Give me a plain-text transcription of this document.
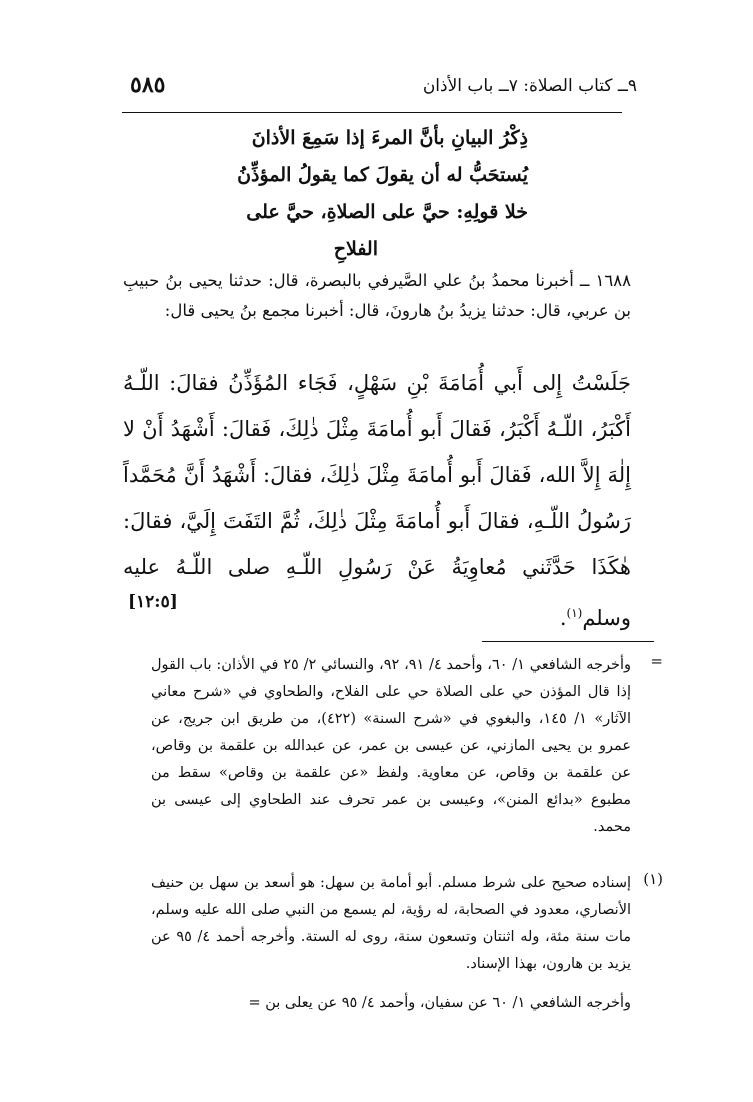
٥٨٥	٩ــ كتاب الصلاة: ٧ــ باب الأذان
ذِكْرُ البيانِ بأنَّ المرءَ إذا سَمِعَ الأذانَ
يُستحَبُّ له أن يقولَ كما يقولُ المؤذِّنُ
خلا قولِهِ: حيَّ على الصلاةِ، حيَّ على
الفلاحِ
١٦٨٨ ــ أخبرنا محمدُ بنُ علي الصَّيرفي بالبصرة، قال: حدثنا يحيى بنُ حبيبِ بن عربي، قال: حدثنا يزيدُ بنُ هارونَ، قال: أخبرنا مجمع بنُ يحيى قال:
جَلَسْتُ إِلى أَبي أُمَامَةَ بْنِ سَهْلٍ، فَجَاء المُؤَذِّنُ فقالَ: اللّـهُ أَكْبَرُ، اللّـهُ أَكْبَرُ، فَقالَ أَبو أُمامَةَ مِثْلَ ذٰلِكَ، فَقالَ: أَشْهَدُ أَنْ لا إِلٰهَ إِلاَّ الله، فَقالَ أَبو أُمامَةَ مِثْلَ ذٰلِكَ، فقالَ: أَشْهَدُ أَنَّ مُحَمَّداً رَسُولُ اللّـهِ، فقالَ أَبو أُمامَةَ مِثْلَ ذٰلِكَ، ثُمَّ التَفَتَ إِلَيَّ، فقالَ: هٰكَذَا حَدَّثَني مُعاوِيَةُ عَنْ رَسُولِ اللّـهِ صلى اللّـهُ عليه وسلم$^{(١)}$.
[١٢:٥]
=
وأخرجه الشافعي ١/ ٦٠، وأحمد ٤/ ٩١، ٩٢، والنسائي ٢/ ٢٥ في الأذان: باب القول إذا قال المؤذن حي على الصلاة حي على الفلاح، والطحاوي في «شرح معاني الآثار» ١/ ١٤٥، والبغوي في «شرح السنة» (٤٢٢)، من طريق ابن جريج، عن عمرو بن يحيى المازني، عن عيسى بن عمر، عن عبدالله بن علقمة بن وقاص، عن علقمة بن وقاص، عن معاوية. ولفظ «عن علقمة بن وقاص» سقط من مطبوع «بدائع المنن»، وعيسى بن عمر تحرف عند الطحاوي إلى عيسى بن محمد.
(١)
إسناده صحيح على شرط مسلم. أبو أمامة بن سهل: هو أسعد بن سهل بن حنيف الأنصاري، معدود في الصحابة، له رؤية، لم يسمع من النبي صلى الله عليه وسلم، مات سنة مئة، وله اثنتان وتسعون سنة، روى له الستة. وأخرجه أحمد ٤/ ٩٥ عن يزيد بن هارون، بهذا الإسناد.
وأخرجه الشافعي ١/ ٦٠ عن سفيان، وأحمد ٤/ ٩٥ عن يعلى بن =
